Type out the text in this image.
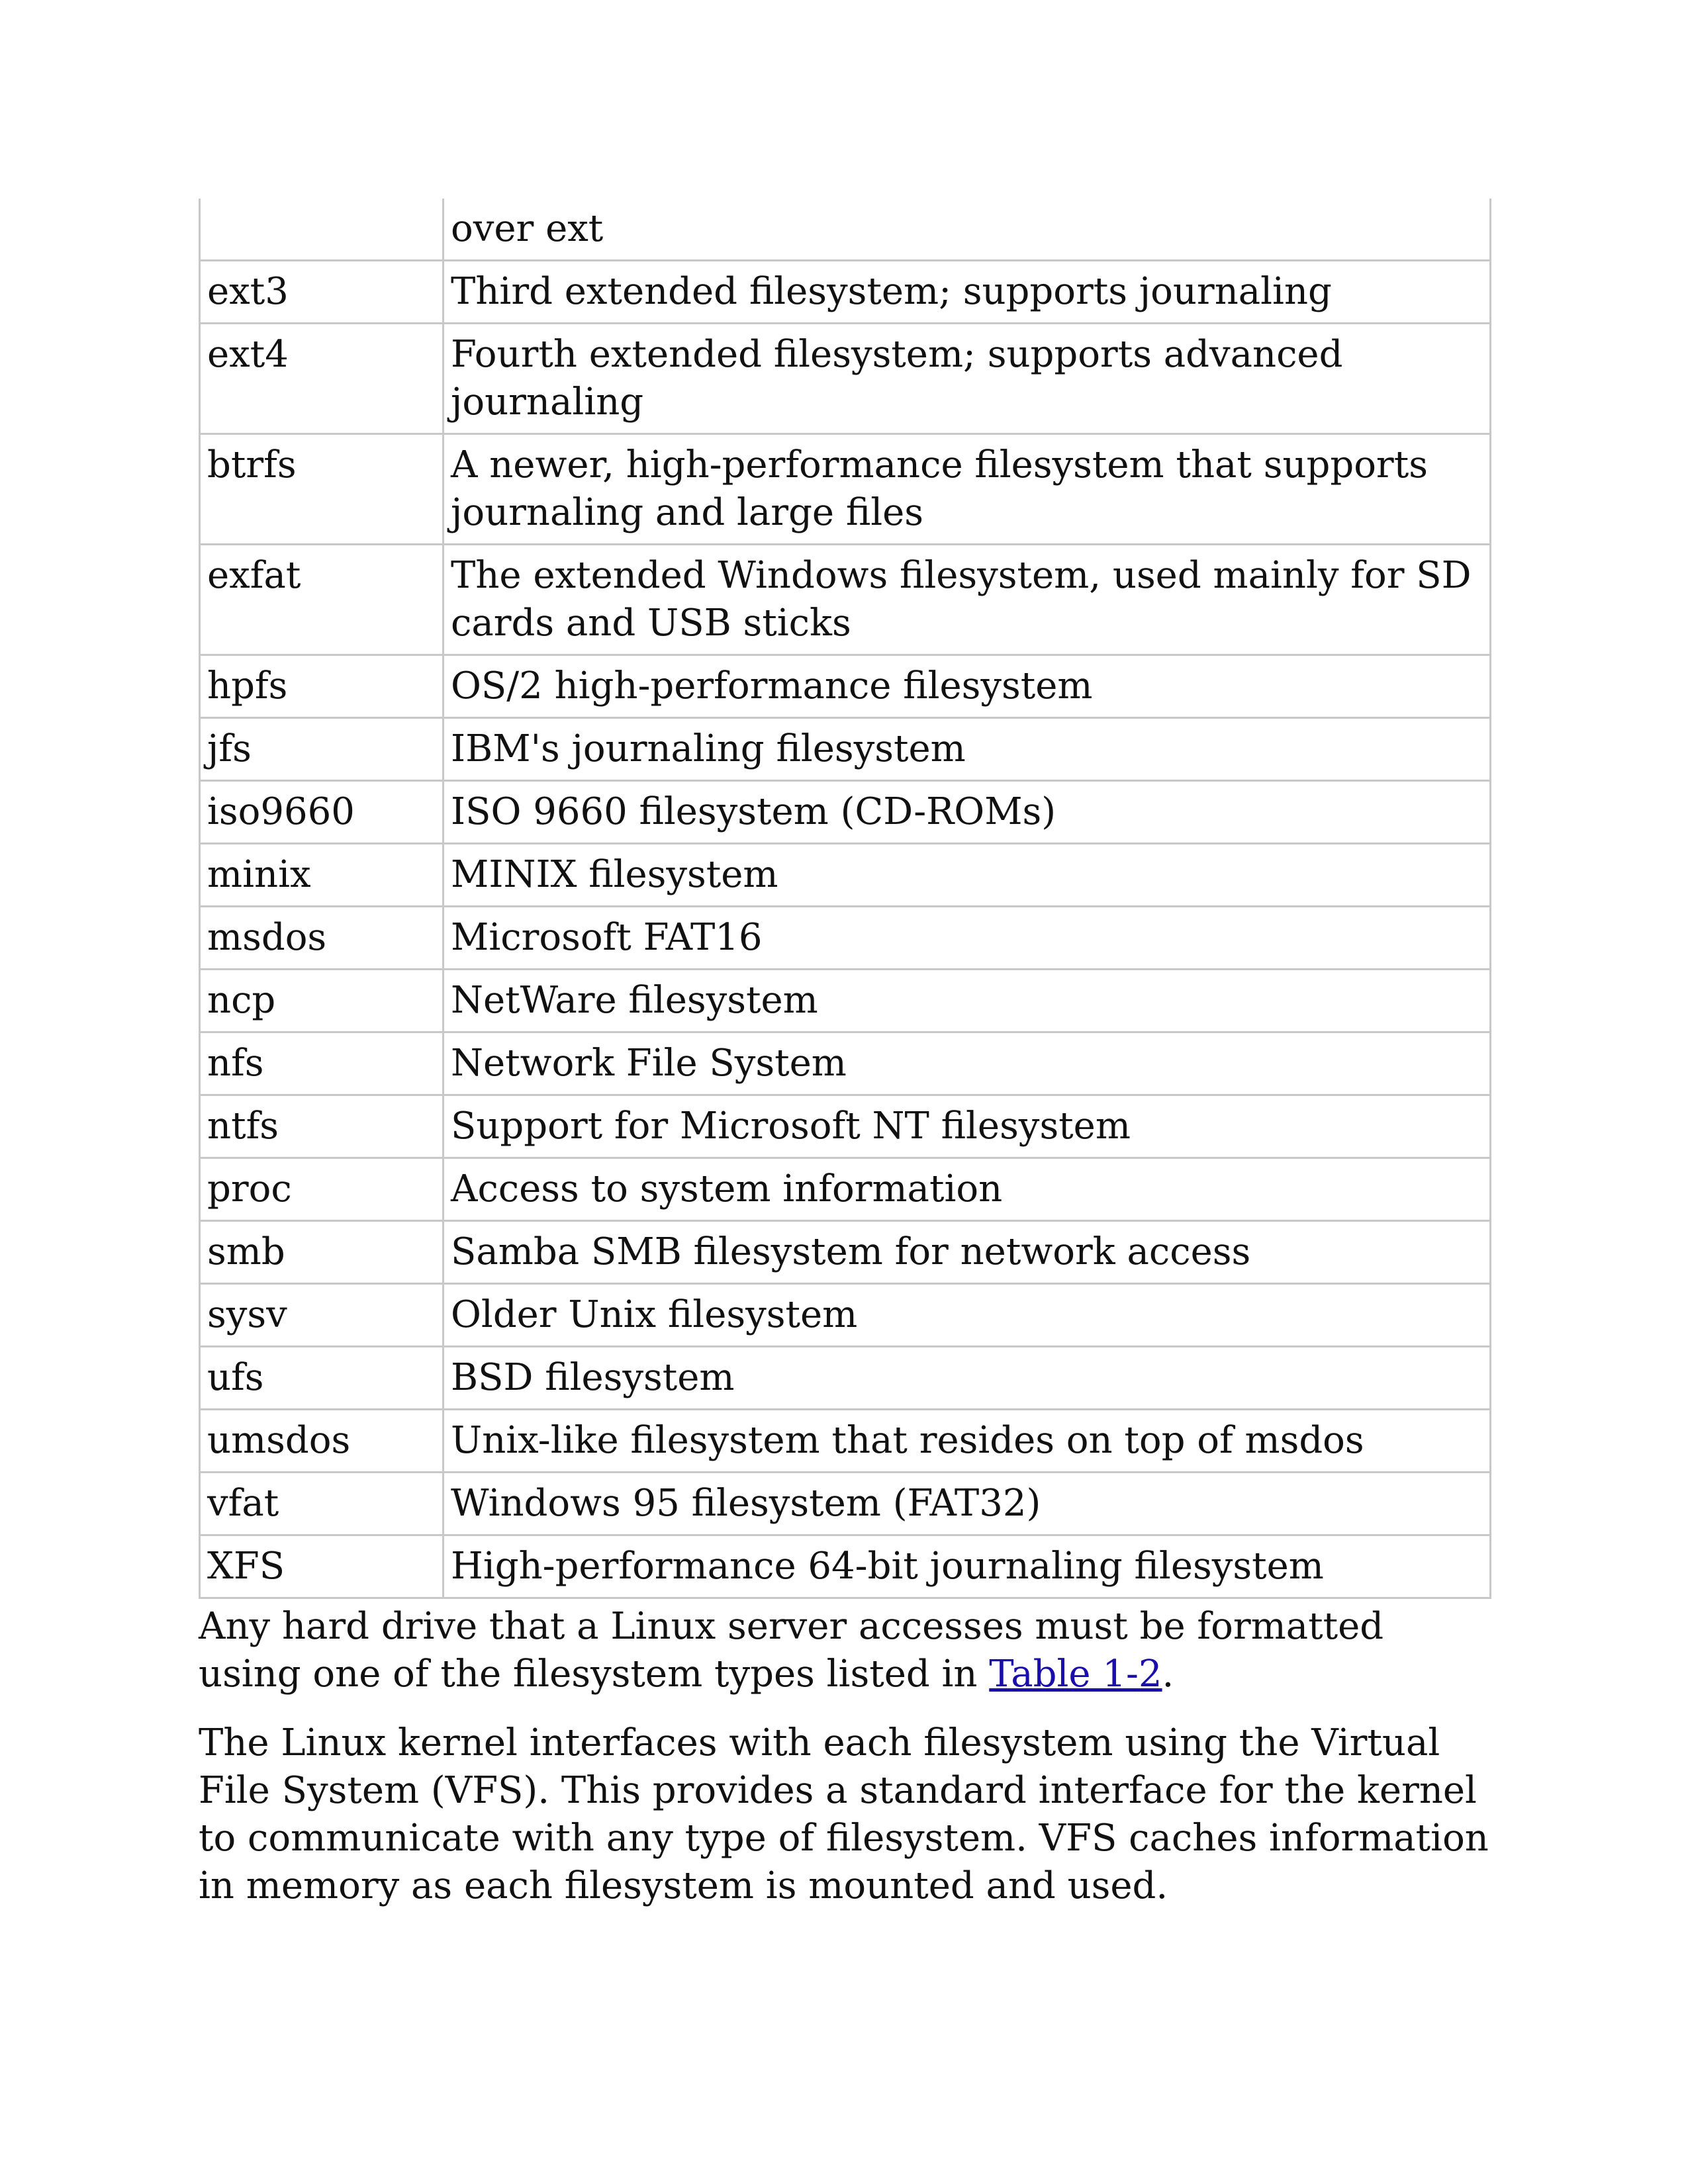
	over ext
ext3	Third extended filesystem; supports journaling
ext4	Fourth extended filesystem; supports advanced journaling
btrfs	A newer, high-performance filesystem that supports journaling and large files
exfat	The extended Windows filesystem, used mainly for SD cards and USB sticks
hpfs	OS/2 high-performance filesystem
jfs	IBM's journaling filesystem
iso9660	ISO 9660 filesystem (CD-ROMs)
minix	MINIX filesystem
msdos	Microsoft FAT16
ncp	NetWare filesystem
nfs	Network File System
ntfs	Support for Microsoft NT filesystem
proc	Access to system information
smb	Samba SMB filesystem for network access
sysv	Older Unix filesystem
ufs	BSD filesystem
umsdos	Unix-like filesystem that resides on top of msdos
vfat	Windows 95 filesystem (FAT32)
XFS	High-performance 64-bit journaling filesystem

Any hard drive that a Linux server accesses must be formatted using one of the filesystem types listed in Table 1-2.

The Linux kernel interfaces with each filesystem using the Virtual File System (VFS). This provides a standard interface for the kernel to communicate with any type of filesystem. VFS caches information in memory as each filesystem is mounted and used.
